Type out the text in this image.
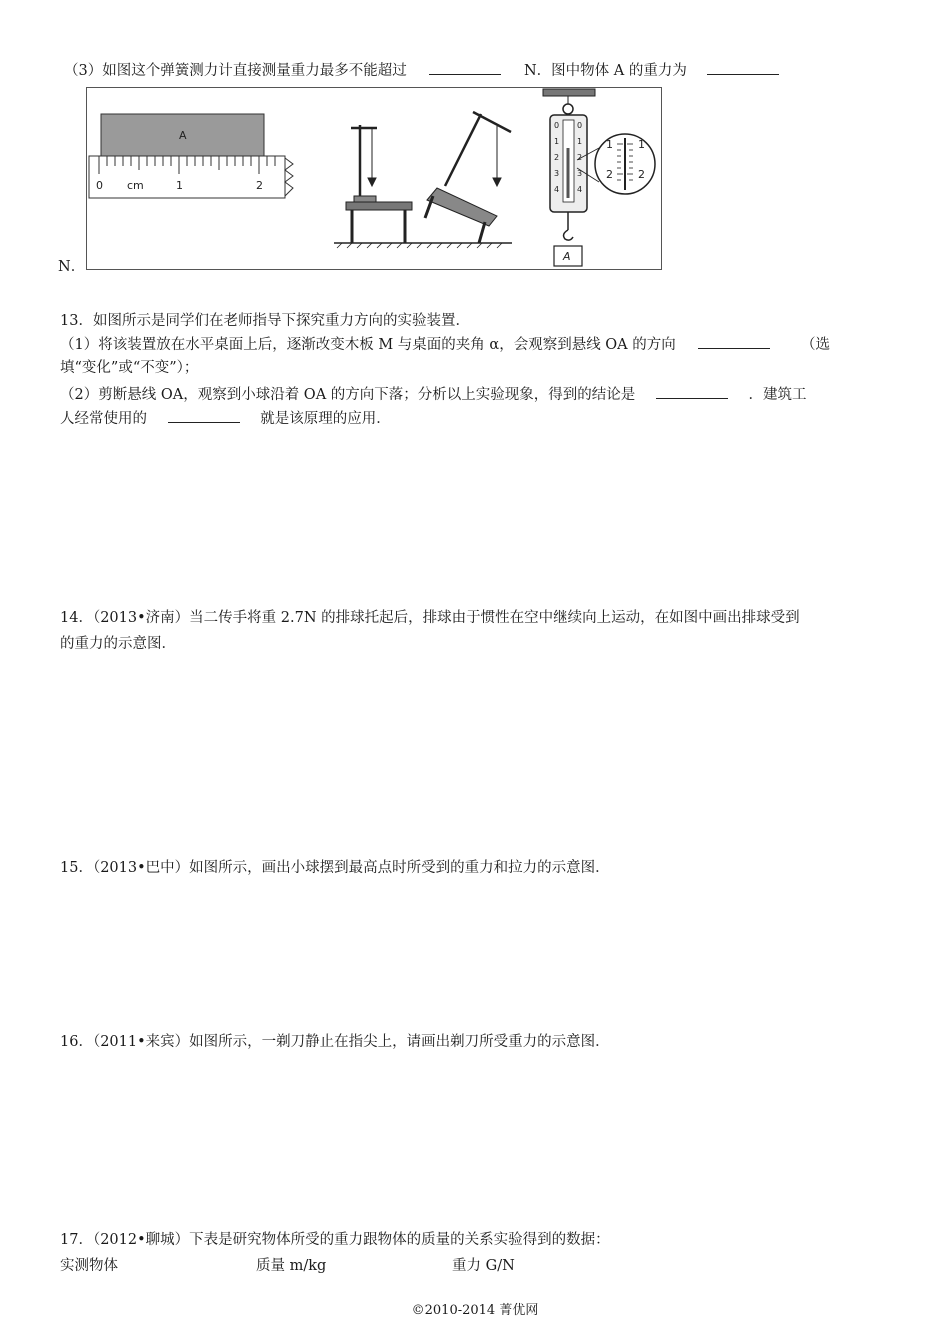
（3）如图这个弹簧测力计直接测量重力最多不能超过	N．图中物体 A 的重力为
N．
A
0 cm	1	2
0
1
2
3
4
0
1
2
3
4
A
1 1
2 2
13．如图所示是同学们在老师指导下探究重力方向的实验装置．
（1）将该装置放在水平桌面上后，逐渐改变木板 M 与桌面的夹角 α，会观察到悬线 OA 的方向	（选
填“变化”或“不变”）；
（2）剪断悬线 OA，观察到小球沿着 OA 的方向下落；分析以上实验现象，得到的结论是	．建筑工
人经常使用的	就是该原理的应用．
14．（2013•济南）当二传手将重 2.7N 的排球托起后，排球由于惯性在空中继续向上运动，在如图中画出排球受到
的重力的示意图．
15．（2013•巴中）如图所示，画出小球摆到最高点时所受到的重力和拉力的示意图．
16．（2011•来宾）如图所示，一剃刀静止在指尖上，请画出剃刀所受重力的示意图．
17．（2012•聊城）下表是研究物体所受的重力跟物体的质量的关系实验得到的数据：
实测物体	质量 m/kg	重力 G/N
©2010-2014 菁优网
